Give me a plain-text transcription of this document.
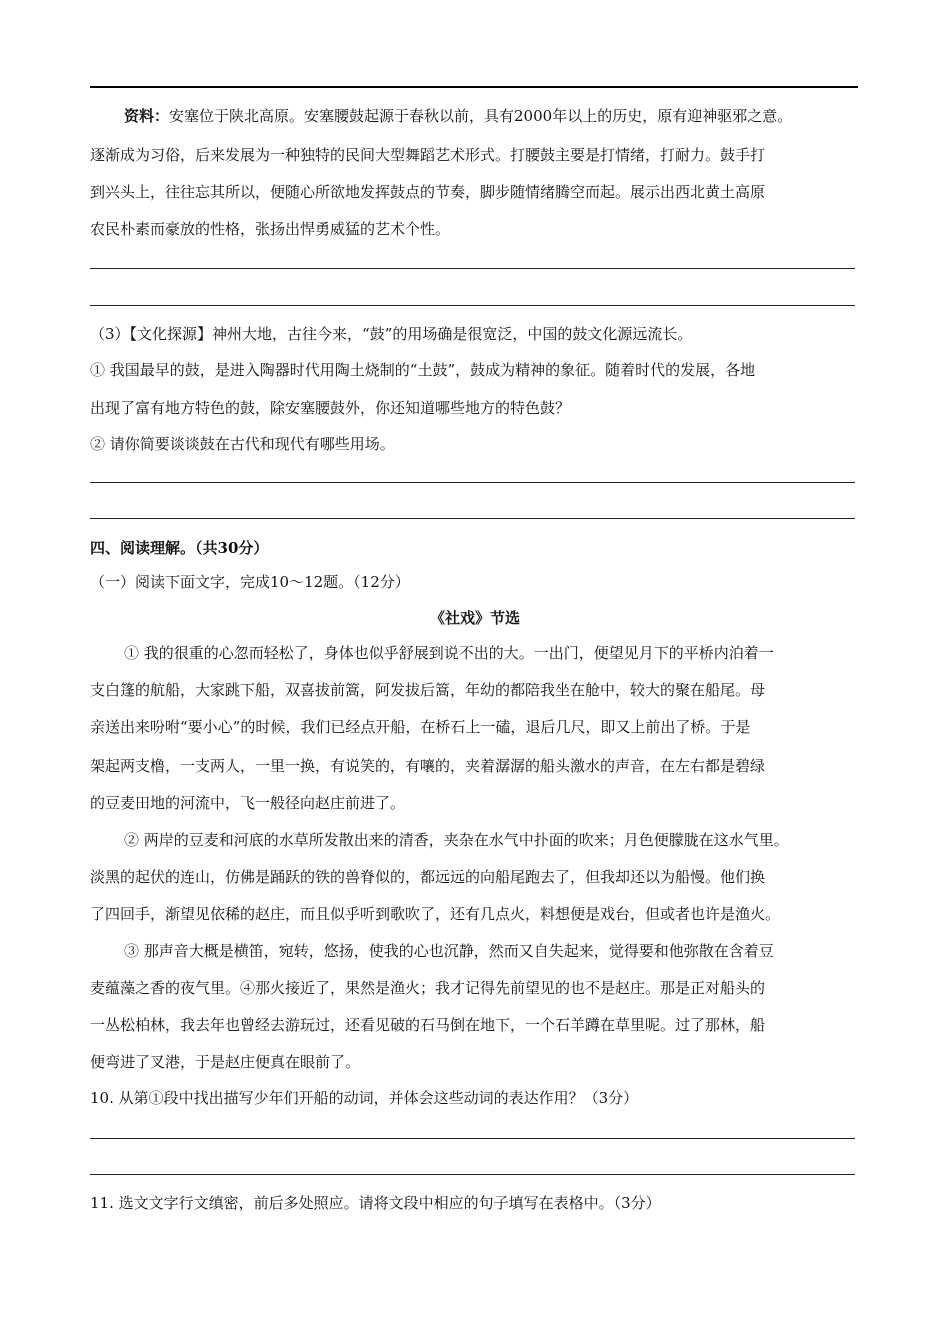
资料：安塞位于陕北高原。安塞腰鼓起源于春秋以前，具有2000年以上的历史，原有迎神驱邪之意。
逐渐成为习俗，后来发展为一种独特的民间大型舞蹈艺术形式。打腰鼓主要是打情绪，打耐力。鼓手打
到兴头上，往往忘其所以，便随心所欲地发挥鼓点的节奏，脚步随情绪腾空而起。展示出西北黄土高原
农民朴素而豪放的性格，张扬出悍勇威猛的艺术个性。
（3）【文化探源】神州大地，古往今来，“鼓”的用场确是很宽泛，中国的鼓文化源远流长。
① 我国最早的鼓，是进入陶器时代用陶土烧制的“土鼓”，鼓成为精神的象征。随着时代的发展，各地
出现了富有地方特色的鼓，除安塞腰鼓外，你还知道哪些地方的特色鼓？
② 请你简要谈谈鼓在古代和现代有哪些用场。
四、阅读理解。（共30分）
（一）阅读下面文字，完成10～12题。（12分）
《社戏》节选
① 我的很重的心忽而轻松了，身体也似乎舒展到说不出的大。一出门，便望见月下的平桥内泊着一
支白篷的航船，大家跳下船，双喜拔前篙，阿发拔后篙，年幼的都陪我坐在舱中，较大的聚在船尾。母
亲送出来吩咐“要小心”的时候，我们已经点开船，在桥石上一磕，退后几尺，即又上前出了桥。于是
架起两支橹，一支两人，一里一换，有说笑的，有嚷的，夹着潺潺的船头激水的声音，在左右都是碧绿
的豆麦田地的河流中，飞一般径向赵庄前进了。
② 两岸的豆麦和河底的水草所发散出来的清香，夹杂在水气中扑面的吹来；月色便朦胧在这水气里。
淡黑的起伏的连山，仿佛是踊跃的铁的兽脊似的，都远远的向船尾跑去了，但我却还以为船慢。他们换
了四回手，渐望见依稀的赵庄，而且似乎听到歌吹了，还有几点火，料想便是戏台，但或者也许是渔火。
③ 那声音大概是横笛，宛转，悠扬，使我的心也沉静，然而又自失起来，觉得要和他弥散在含着豆
麦蕴藻之香的夜气里。④那火接近了，果然是渔火；我才记得先前望见的也不是赵庄。那是正对船头的
一丛松柏林，我去年也曾经去游玩过，还看见破的石马倒在地下，一个石羊蹲在草里呢。过了那林，船
便弯进了叉港，于是赵庄便真在眼前了。
10. 从第①段中找出描写少年们开船的动词，并体会这些动词的表达作用？（3分）
11. 选文文字行文缜密，前后多处照应。请将文段中相应的句子填写在表格中。（3分）
